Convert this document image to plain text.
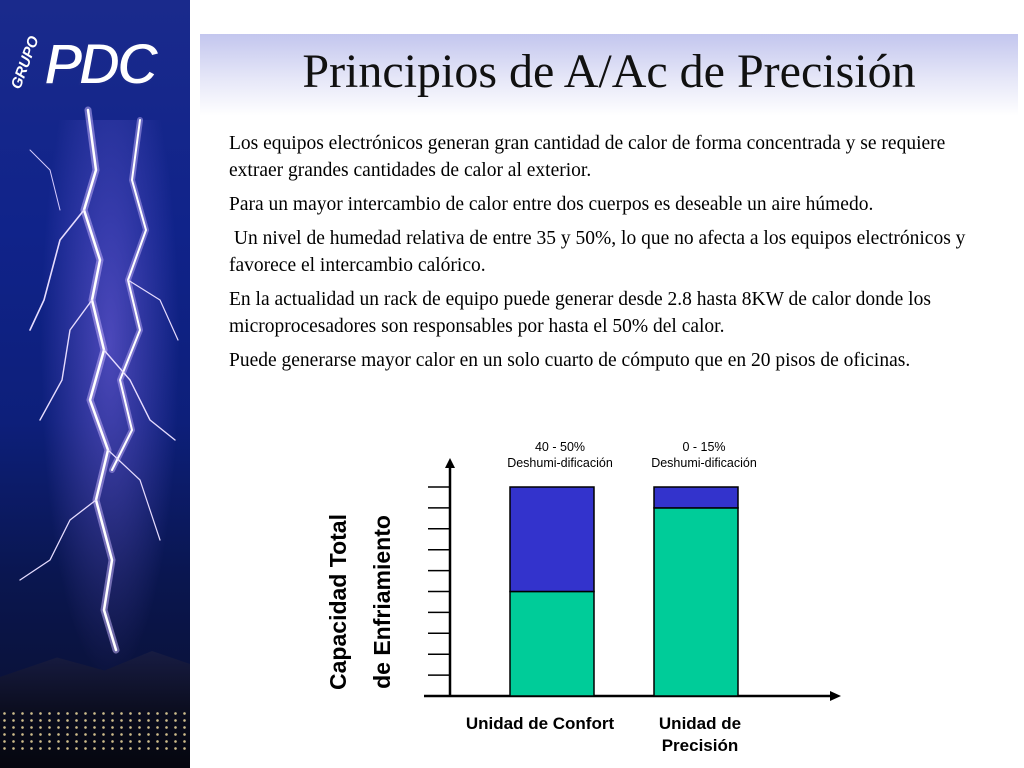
GRUPO PDC	Principios de A/Ac de Precisión

Los equipos electrónicos generan gran cantidad de calor de forma concentrada y se requiere extraer grandes cantidades de calor al exterior.

Para un mayor intercambio de calor entre dos cuerpos es deseable un aire húmedo.

Un nivel de humedad relativa de entre 35 y 50%, lo que no afecta a los equipos electrónicos y favorece el intercambio calórico.

En la actualidad un rack de equipo puede generar desde 2.8 hasta 8KW de calor donde los microprocesadores son responsables por hasta el 50% del calor.

Puede generarse mayor calor en un solo cuarto de cómputo que en 20 pisos de oficinas.

Unidad de Confort
40 - 50% Deshumi-dificación
Unidad de Precisión
0 - 15% Deshumi-dificación
Capacidad Total de Enfriamiento
